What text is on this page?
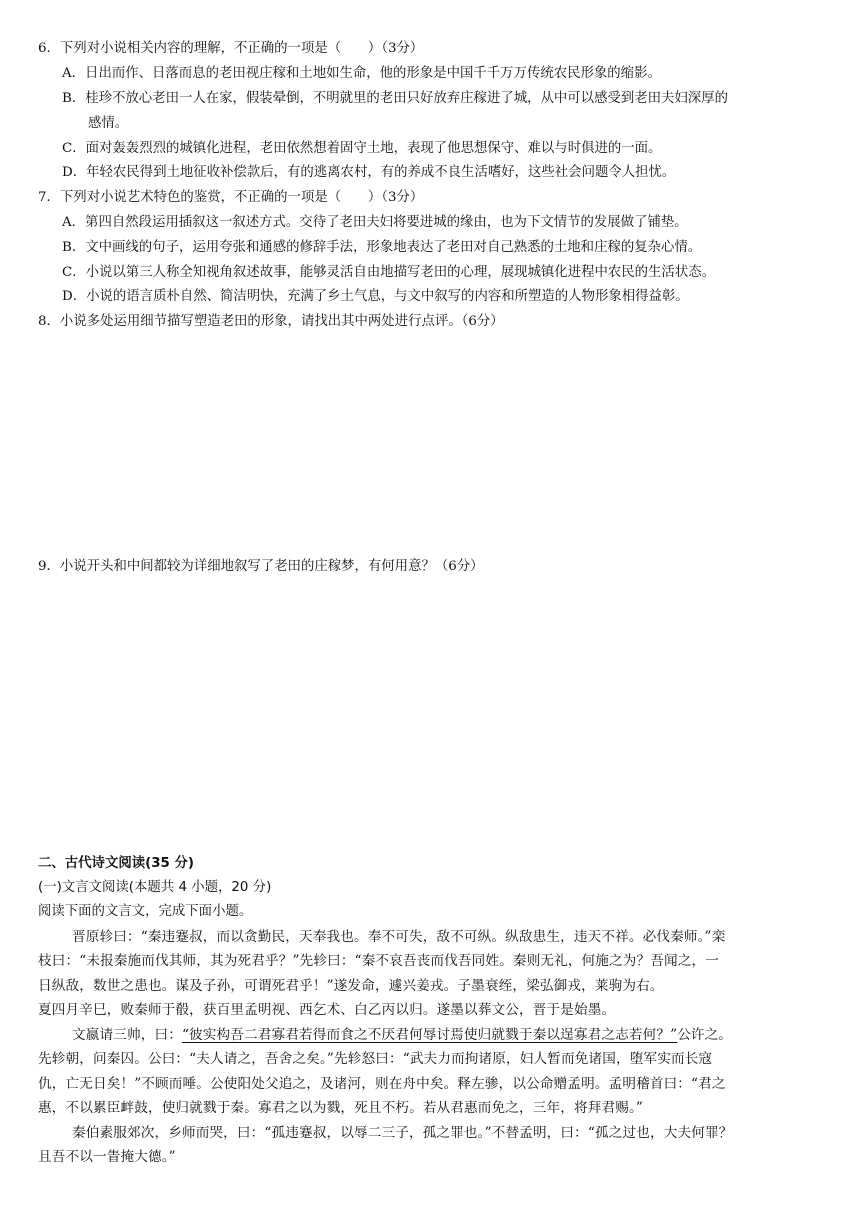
6．下列对小说相关内容的理解，不正确的一项是（　　）（3分）
A．日出而作、日落而息的老田视庄稼和土地如生命，他的形象是中国千千万万传统农民形象的缩影。
B．桂珍不放心老田一人在家，假装晕倒，不明就里的老田只好放弃庄稼进了城，从中可以感受到老田夫妇深厚的
感情。
C．面对轰轰烈烈的城镇化进程，老田依然想着固守土地，表现了他思想保守、难以与时俱进的一面。
D．年轻农民得到土地征收补偿款后，有的逃离农村，有的养成不良生活嗜好，这些社会问题令人担忧。
7．下列对小说艺术特色的鉴赏，不正确的一项是（　　）（3分）
A．第四自然段运用插叙这一叙述方式。交待了老田夫妇将要进城的缘由，也为下文情节的发展做了铺垫。
B．文中画线的句子，运用夸张和通感的修辞手法，形象地表达了老田对自己熟悉的土地和庄稼的复杂心情。
C．小说以第三人称全知视角叙述故事，能够灵活自由地描写老田的心理，展现城镇化进程中农民的生活状态。
D．小说的语言质朴自然、简洁明快，充满了乡土气息，与文中叙写的内容和所塑造的人物形象相得益彰。
8．小说多处运用细节描写塑造老田的形象，请找出其中两处进行点评。（6分）
9．小说开头和中间都较为详细地叙写了老田的庄稼梦，有何用意？（6分）
二、古代诗文阅读(35 分)
(一)文言文阅读(本题共 4 小题，20 分)
阅读下面的文言文，完成下面小题。
晋原轸曰：“秦违蹇叔，而以贪勤民，天奉我也。奉不可失，敌不可纵。纵敌患生，违天不祥。必伐秦师。”栾
枝曰：“未报秦施而伐其师，其为死君乎？”先轸曰：“秦不哀吾丧而伐吾同姓。秦则无礼，何施之为？吾闻之，一
日纵敌，数世之患也。谋及子孙，可谓死君乎！”遂发命，遽兴姜戎。子墨衰绖，梁弘御戎，莱驹为右。
夏四月辛巳，败秦师于殽，获百里孟明视、西乞术、白乙丙以归。遂墨以葬文公，晋于是始墨。
文嬴请三帅，曰：“彼实构吾二君寡君若得而食之不厌君何辱讨焉使归就戮于秦以逞寡君之志若何？”公许之。
先轸朝，问秦囚。公曰：“夫人请之，吾舍之矣。”先轸怒曰：“武夫力而拘诸原，妇人暂而免诸国，堕军实而长寇
仇，亡无日矣！”不顾而唾。公使阳处父追之，及诸河，则在舟中矣。释左骖，以公命赠孟明。孟明稽首曰：“君之
惠，不以累臣衅鼓，使归就戮于秦。寡君之以为戮，死且不朽。若从君惠而免之，三年，将拜君赐。”
秦伯素服郊次，乡师而哭，曰：“孤违蹇叔，以辱二三子，孤之罪也。”不替孟明，曰：“孤之过也，大夫何罪？
且吾不以一眚掩大德。”
